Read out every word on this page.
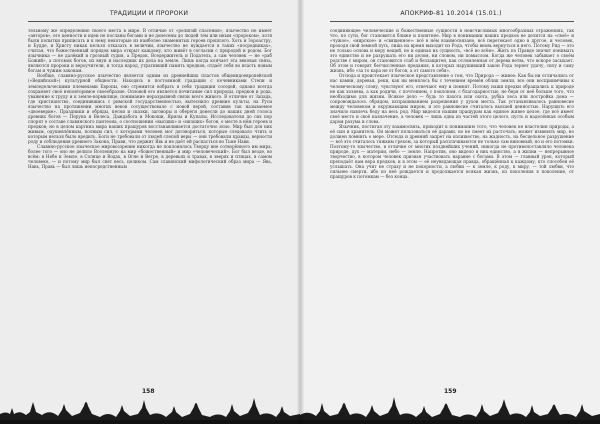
ТРАДИЦИИ И ПРОРОКИ

тельному же определению своего места в мире. В отличие от «религий спасения», язычество не имеет «авторов», его ценности и идеи не посланы богами и не донесены до людей тем или иным «пророком», хотя были попытки приписать и к нему некоторые из наиболее знаменитых героев прошлого. Хоть и Зороастру, и Будде, и Христу никак нельзя отказать в величии, язычество не нуждается в таких «посредниках», считая, что божественный порядок мира открыт каждому, кто живёт в согласии с природой и родом. Бог язычника — не далёкий и грозный судия, а Предок, Вседержитель и Податель, а сам человек — не «раб Божий», а потомок богов, их внук и наследник их дела на земле. Лишь когда кончает эта вековая связь, являются пророки и вероучители, и тогда народ, утративший память предков, отдаёт себя во власть новым богам и чужим законам.

Вообще, славяно-русское язычество является одним из древнейших пластов общеиндоевропейской («Ведийской») культурной общности. Находясь в постоянной градации с кочевниками Степи и земледельческими племенами Европы, оно стремится вобрать в себя традиции соседей, однако всегда сохраняет своё неповторимое своеобразие. Основой его является почитание сил природы, предков и рода, уважение к труду и к земле-кормилице, понимание неразрывной связи всего живого. В отличие от Запада, где христианство, соединившись с римской государственностью, вытеснило древние культы, на Руси язычество на протяжении многих веков сосуществовало с новой верой, составив так называемое «двоеверие». Праздники и обряды, песни и сказки, заговоры и обереги донесли до наших дней голоса древних богов — Перуна и Велеса, Даждьбога и Мокоши, Ярилы и Купалы. Исследователи до сих пор спорят о составе славянского пантеона, о соотношении «высших» и «низших» богов, о месте в нём героев и предков; но в целом картина мира наших пращуров восстанавливается достаточно ясно. Мир был для них живым, одушевлённым, полным сил, с которыми человек мог договориться, которые следовало чтить и которым нельзя было вредить. Боги не требовали от людей слепой веры — они требовали правды, верности роду и соблюдения древнего Закона, Прави, что держит Явь и не даёт ей распасться во Тьме Нави.

Славяно-русское языческое мировоззрение никогда не поклонялось Творцу вне сотворённого им мира, более того — оно не делило Вселенную на мир «божественный» и мир «человеческий». Бог был везде, во всём: в Небе и Земле, в Солнце и Водах, в Огне и Ветре, в деревьях и травах, в зверях и птицах, в самом человеке, — и потому мир был свят весь, целиком. Сам славянский мифологический образ мира — Явь, Навь, Правь — был лишь непосредственным

158
АПОКРИФ-81 10.2014 (15.01.)

соединяющее человеческие и божественные сущности в неисчислимых многообразных отражениях, так что, по сути, бог становится ближе и понятнее. Мир в понимании наших предков не делится на «своё» и «чужое», «мирское» и «священное»: всё в нём взаимосвязано, всё перетекает одно в другое, и человек, проходя свой земной путь, лишь на время выходит из Рода, чтобы вновь вернуться в него. Потому Рид — это не только основа и меру вещей, но и единая их сущность, «всё во всём». Жить по Правде значит понимать это единство и не разрушать его ни делом, ни словом, ни помыслом. Когда же человек забывает о своём родстве с миром, он становится слаб и беззащитен, как отломленная от дерева ветвь, что вскоре засыхает. Об этом и говорят бесчисленные предания, в которых нарушивший закон Рода теряет удачу, силу и саму жизнь, ибо «за то кара не от богов, а от самого себя».

Отсюда и проистекает языческое представление о том, что Природа — живое: Как бы ни отличались от нас камни, деревья, реки, как ни менялось бы с течением времён облик земли, все они восприимчивы к человеческому слову, чувствуют его, отвечают ему и помнят. Потому наши предки обращались к природе не как хозяева, а как родичи, с почтением, с поклоном, с благодарностью, не беря от неё больше того, что необходимо для жизни. Всякое дело — будь то пахота или охота, рубка леса или постройка дома — сопровождалось обрядом, испрашиванием разрешения у духов места. Так устанавливалось равновесие между человеком и окружающим миром, и это равновесие считалось высшей ценностью. Нарушить его значило навлечь беду на весь род. Мир виделся нашим пращурам как единое живое целое, где всё имеет своё место и своё назначение, а человек — лишь одна из частей этого целого, пусть и наделённая особым даром разума и слова.

Язычник, постигая эту взаимосвязь, приходит к пониманию того, что человек не властелин природы, а её сын и хранитель. Он может пользоваться её дарами, но не смеет их расточать; может изменять мир, но должен помнить о мере. Отсюда и древний запрет на излишество, на жадность, на бесцельное разрушение — всё это считалось тяжким грехом, за который расплачиваются не только сам виновный, но и его потомки. Поэтому-то язычество, в отличие от многих позднейших учений, никогда не противопоставляло человека природе, дух — материи, небо — земле. Напротив, оно видело в них единство, а в жизни — непрерывное творчество, в котором человек призван участвовать наравне с богами. В этом — главный урок, который преподаёт нам вера предков, и в этом — её неувядающая правда, обращённая к каждому, кто способен её услышать. Она учит не страху и не покорности, а любви — к земле, к роду, к миру, — той любви, что сильнее смерти, ибо из неё рождается и продолжается всякая жизнь, из поколения в поколение, от пращуров к потомкам — без конца.

159
